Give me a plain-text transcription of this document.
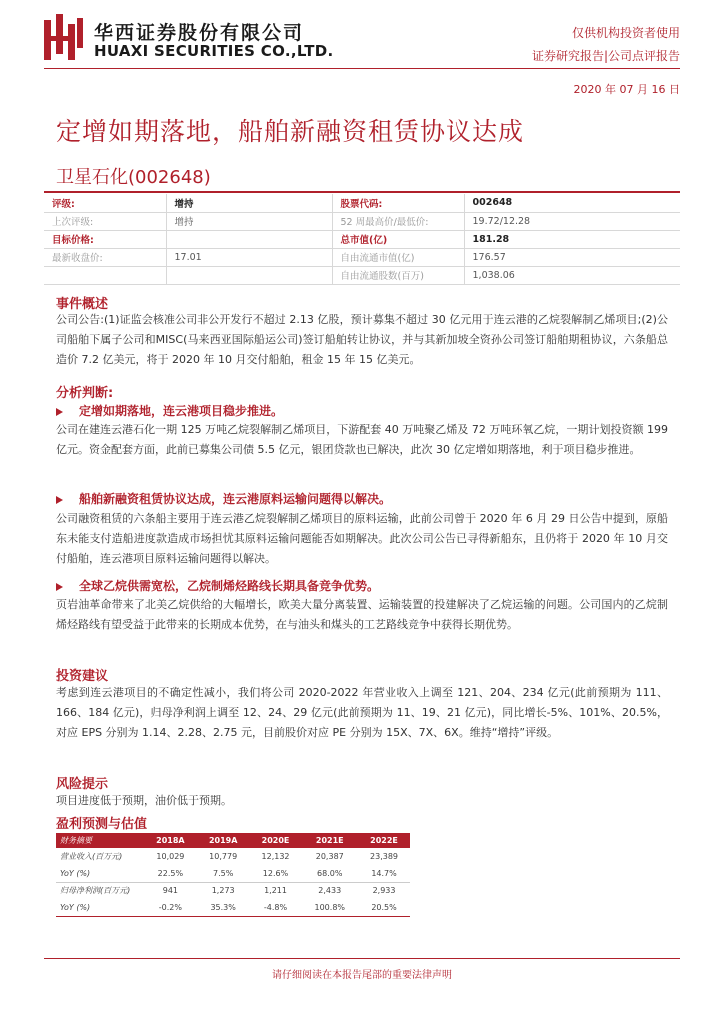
华西证券股份有限公司
HUAXI SECURITIES CO.,LTD.
仅供机构投资者使用
证券研究报告|公司点评报告
2020 年 07 月 16 日
定增如期落地，船舶新融资租赁协议达成
卫星石化(002648)
评级:	增持	股票代码:	002648
上次评级:	增持	52 周最高价/最低价:	19.72/12.28
目标价格:		总市值(亿)	181.28
最新收盘价:	17.01	自由流通市值(亿)	176.57
		自由流通股数(百万)	1,038.06
事件概述
公司公告:(1)证监会核准公司非公开发行不超过 2.13 亿股，预计募集不超过 30 亿元用于连云港的乙烷裂解制乙烯项目;(2)公司船舶下属子公司和MISC(马来西亚国际船运公司)签订船舶转让协议，并与其新加坡全资孙公司签订船舶期租协议，六条船总造价 7.2 亿美元，将于 2020 年 10 月交付船舶，租金 15 年 15 亿美元。
分析判断:
定增如期落地，连云港项目稳步推进。
公司在建连云港石化一期 125 万吨乙烷裂解制乙烯项目，下游配套 40 万吨聚乙烯及 72 万吨环氧乙烷，一期计划投资额 199 亿元。资金配套方面，此前已募集公司债 5.5 亿元，银团贷款也已解决，此次 30 亿定增如期落地，利于项目稳步推进。
船舶新融资租赁协议达成，连云港原料运输问题得以解决。
公司融资租赁的六条船主要用于连云港乙烷裂解制乙烯项目的原料运输，此前公司曾于 2020 年 6 月 29 日公告中提到，原船东未能支付造船进度款造成市场担忧其原料运输问题能否如期解决。此次公司公告已寻得新船东，且仍将于 2020 年 10 月交付船舶，连云港项目原料运输问题得以解决。
全球乙烷供需宽松，乙烷制烯烃路线长期具备竞争优势。
页岩油革命带来了北美乙烷供给的大幅增长，欧美大量分离装置、运输装置的投建解决了乙烷运输的问题。公司国内的乙烷制烯烃路线有望受益于此带来的长期成本优势，在与油头和煤头的工艺路线竞争中获得长期优势。
投资建议
考虑到连云港项目的不确定性减小，我们将公司 2020-2022 年营业收入上调至 121、204、234 亿元(此前预期为 111、166、184 亿元)，归母净利润上调至 12、24、29 亿元(此前预期为 11、19、21 亿元)，同比增长-5%、101%、20.5%，对应 EPS 分别为 1.14、2.28、2.75 元，目前股价对应 PE 分别为 15X、7X、6X。维持“增持”评级。
风险提示
项目进度低于预期，油价低于预期。
盈利预测与估值
财务摘要	2018A	2019A	2020E	2021E	2022E
营业收入(百万元)	10,029	10,779	12,132	20,387	23,389
YoY (%)	22.5%	7.5%	12.6%	68.0%	14.7%
归母净利润(百万元)	941	1,273	1,211	2,433	2,933
YoY (%)	-0.2%	35.3%	-4.8%	100.8%	20.5%
请仔细阅读在本报告尾部的重要法律声明
